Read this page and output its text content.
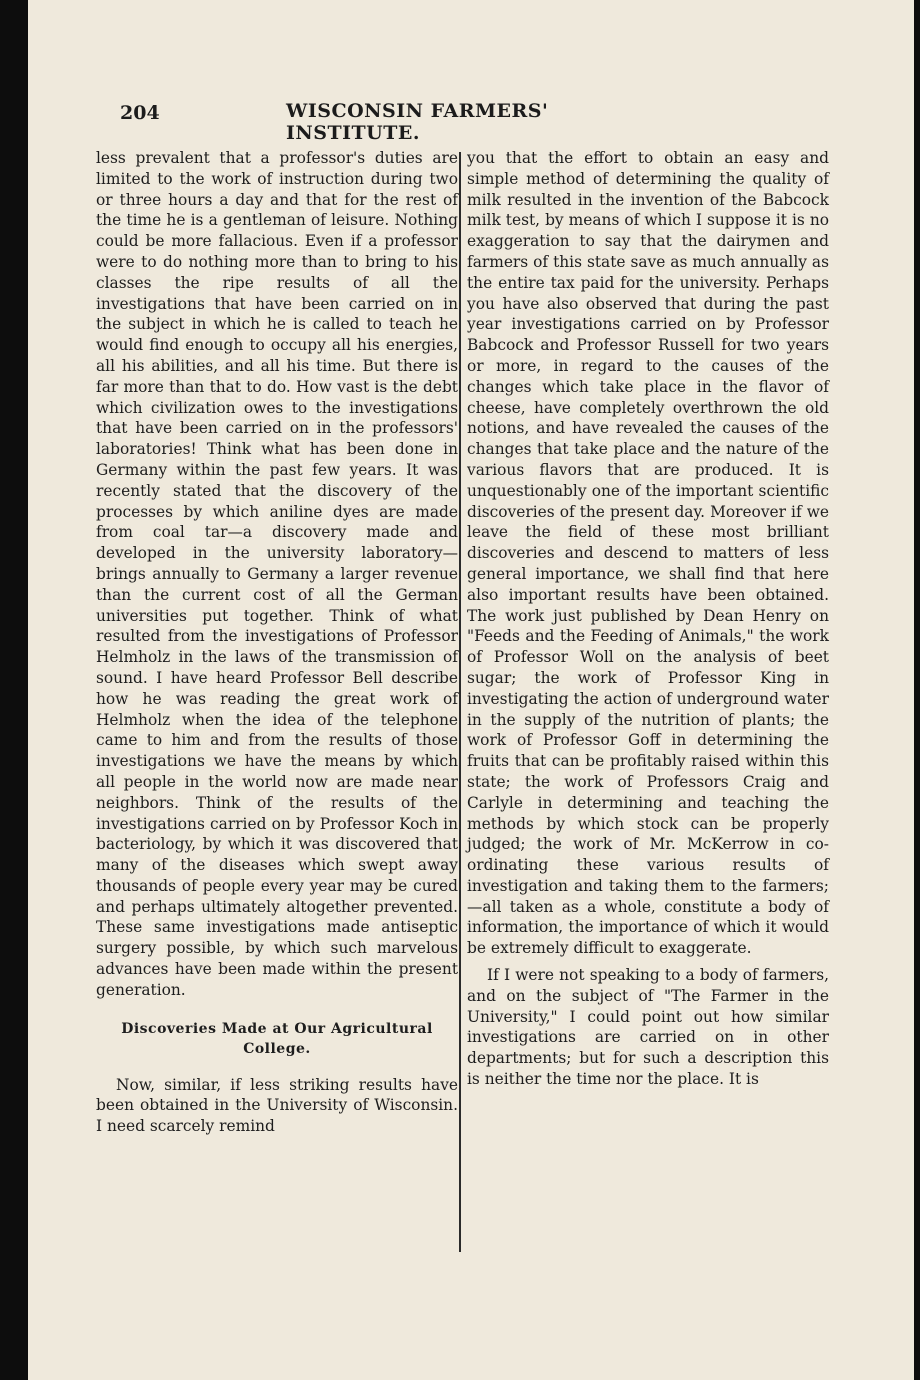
204	WISCONSIN FARMERS' INSTITUTE.

less prevalent that a professor's duties are limited to the work of instruction during two or three hours a day and that for the rest of the time he is a gentleman of leisure. Nothing could be more fallacious. Even if a professor were to do nothing more than to bring to his classes the ripe results of all the investigations that have been carried on in the subject in which he is called to teach he would find enough to occupy all his energies, all his abilities, and all his time. But there is far more than that to do. How vast is the debt which civilization owes to the investigations that have been carried on in the professors' laboratories! Think what has been done in Germany within the past few years. It was recently stated that the discovery of the processes by which aniline dyes are made from coal tar—a discovery made and developed in the university laboratory—brings annually to Germany a larger revenue than the current cost of all the German universities put together. Think of what resulted from the investigations of Professor Helmholz in the laws of the transmission of sound. I have heard Professor Bell describe how he was reading the great work of Helmholz when the idea of the telephone came to him and from the results of those investigations we have the means by which all people in the world now are made near neighbors. Think of the results of the investigations carried on by Professor Koch in bacteriology, by which it was discovered that many of the diseases which swept away thousands of people every year may be cured and perhaps ultimately altogether prevented. These same investigations made antiseptic surgery possible, by which such marvelous advances have been made within the present generation.

Discoveries Made at Our Agricultural College.

Now, similar, if less striking results have been obtained in the University of Wisconsin. I need scarcely remind

you that the effort to obtain an easy and simple method of determining the quality of milk resulted in the invention of the Babcock milk test, by means of which I suppose it is no exaggeration to say that the dairymen and farmers of this state save as much annually as the entire tax paid for the university. Perhaps you have also observed that during the past year investigations carried on by Professor Babcock and Professor Russell for two years or more, in regard to the causes of the changes which take place in the flavor of cheese, have completely overthrown the old notions, and have revealed the causes of the changes that take place and the nature of the various flavors that are produced. It is unquestionably one of the important scientific discoveries of the present day. Moreover if we leave the field of these most brilliant discoveries and descend to matters of less general importance, we shall find that here also important results have been obtained. The work just published by Dean Henry on "Feeds and the Feeding of Animals," the work of Professor Woll on the analysis of beet sugar; the work of Professor King in investigating the action of underground water in the supply of the nutrition of plants; the work of Professor Goff in determining the fruits that can be profitably raised within this state; the work of Professors Craig and Carlyle in determining and teaching the methods by which stock can be properly judged; the work of Mr. McKerrow in co-ordinating these various results of investigation and taking them to the farmers;—all taken as a whole, constitute a body of information, the importance of which it would be extremely difficult to exaggerate.

If I were not speaking to a body of farmers, and on the subject of "The Farmer in the University," I could point out how similar investigations are carried on in other departments; but for such a description this is neither the time nor the place. It is
